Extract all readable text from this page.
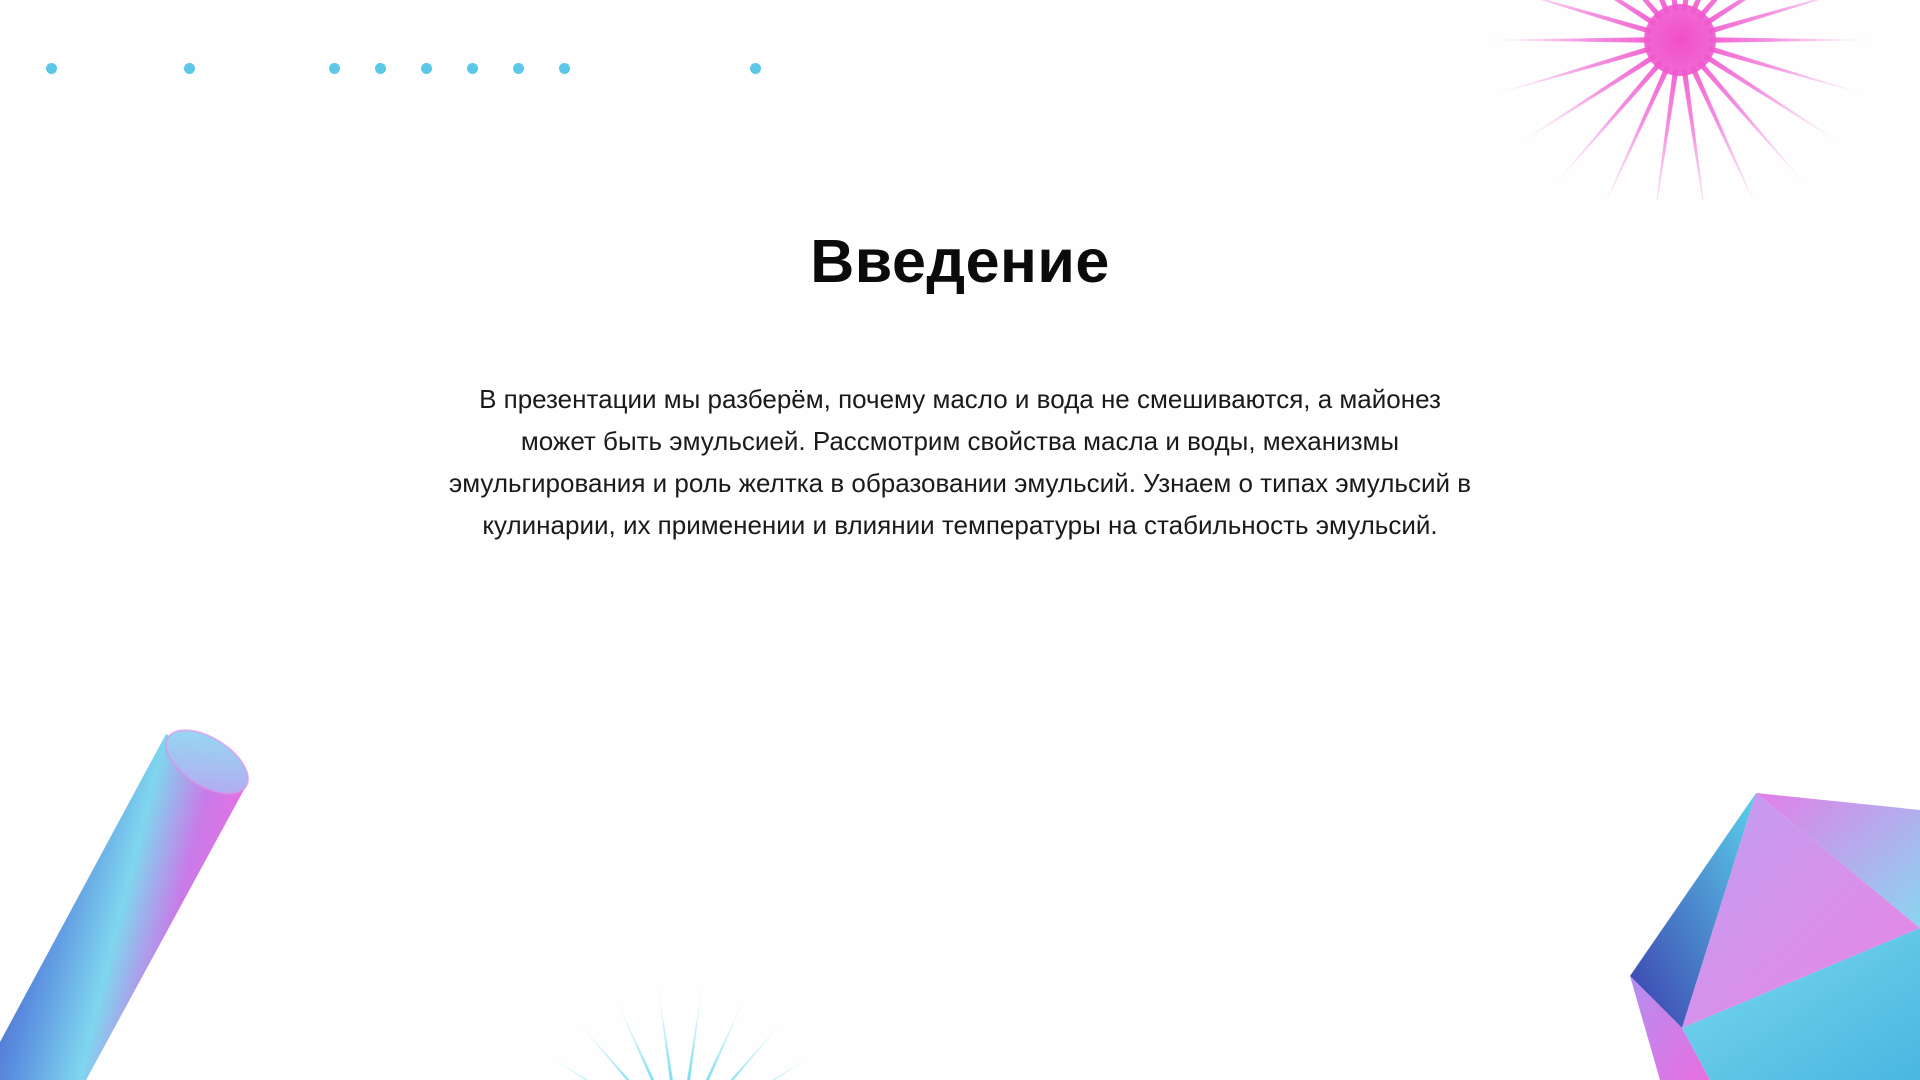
Введение
В презентации мы разберём, почему масло и вода не смешиваются, а майонез может быть эмульсией. Рассмотрим свойства масла и воды, механизмы эмульгирования и роль желтка в образовании эмульсий. Узнаем о типах эмульсий в кулинарии, их применении и влиянии температуры на стабильность эмульсий.
